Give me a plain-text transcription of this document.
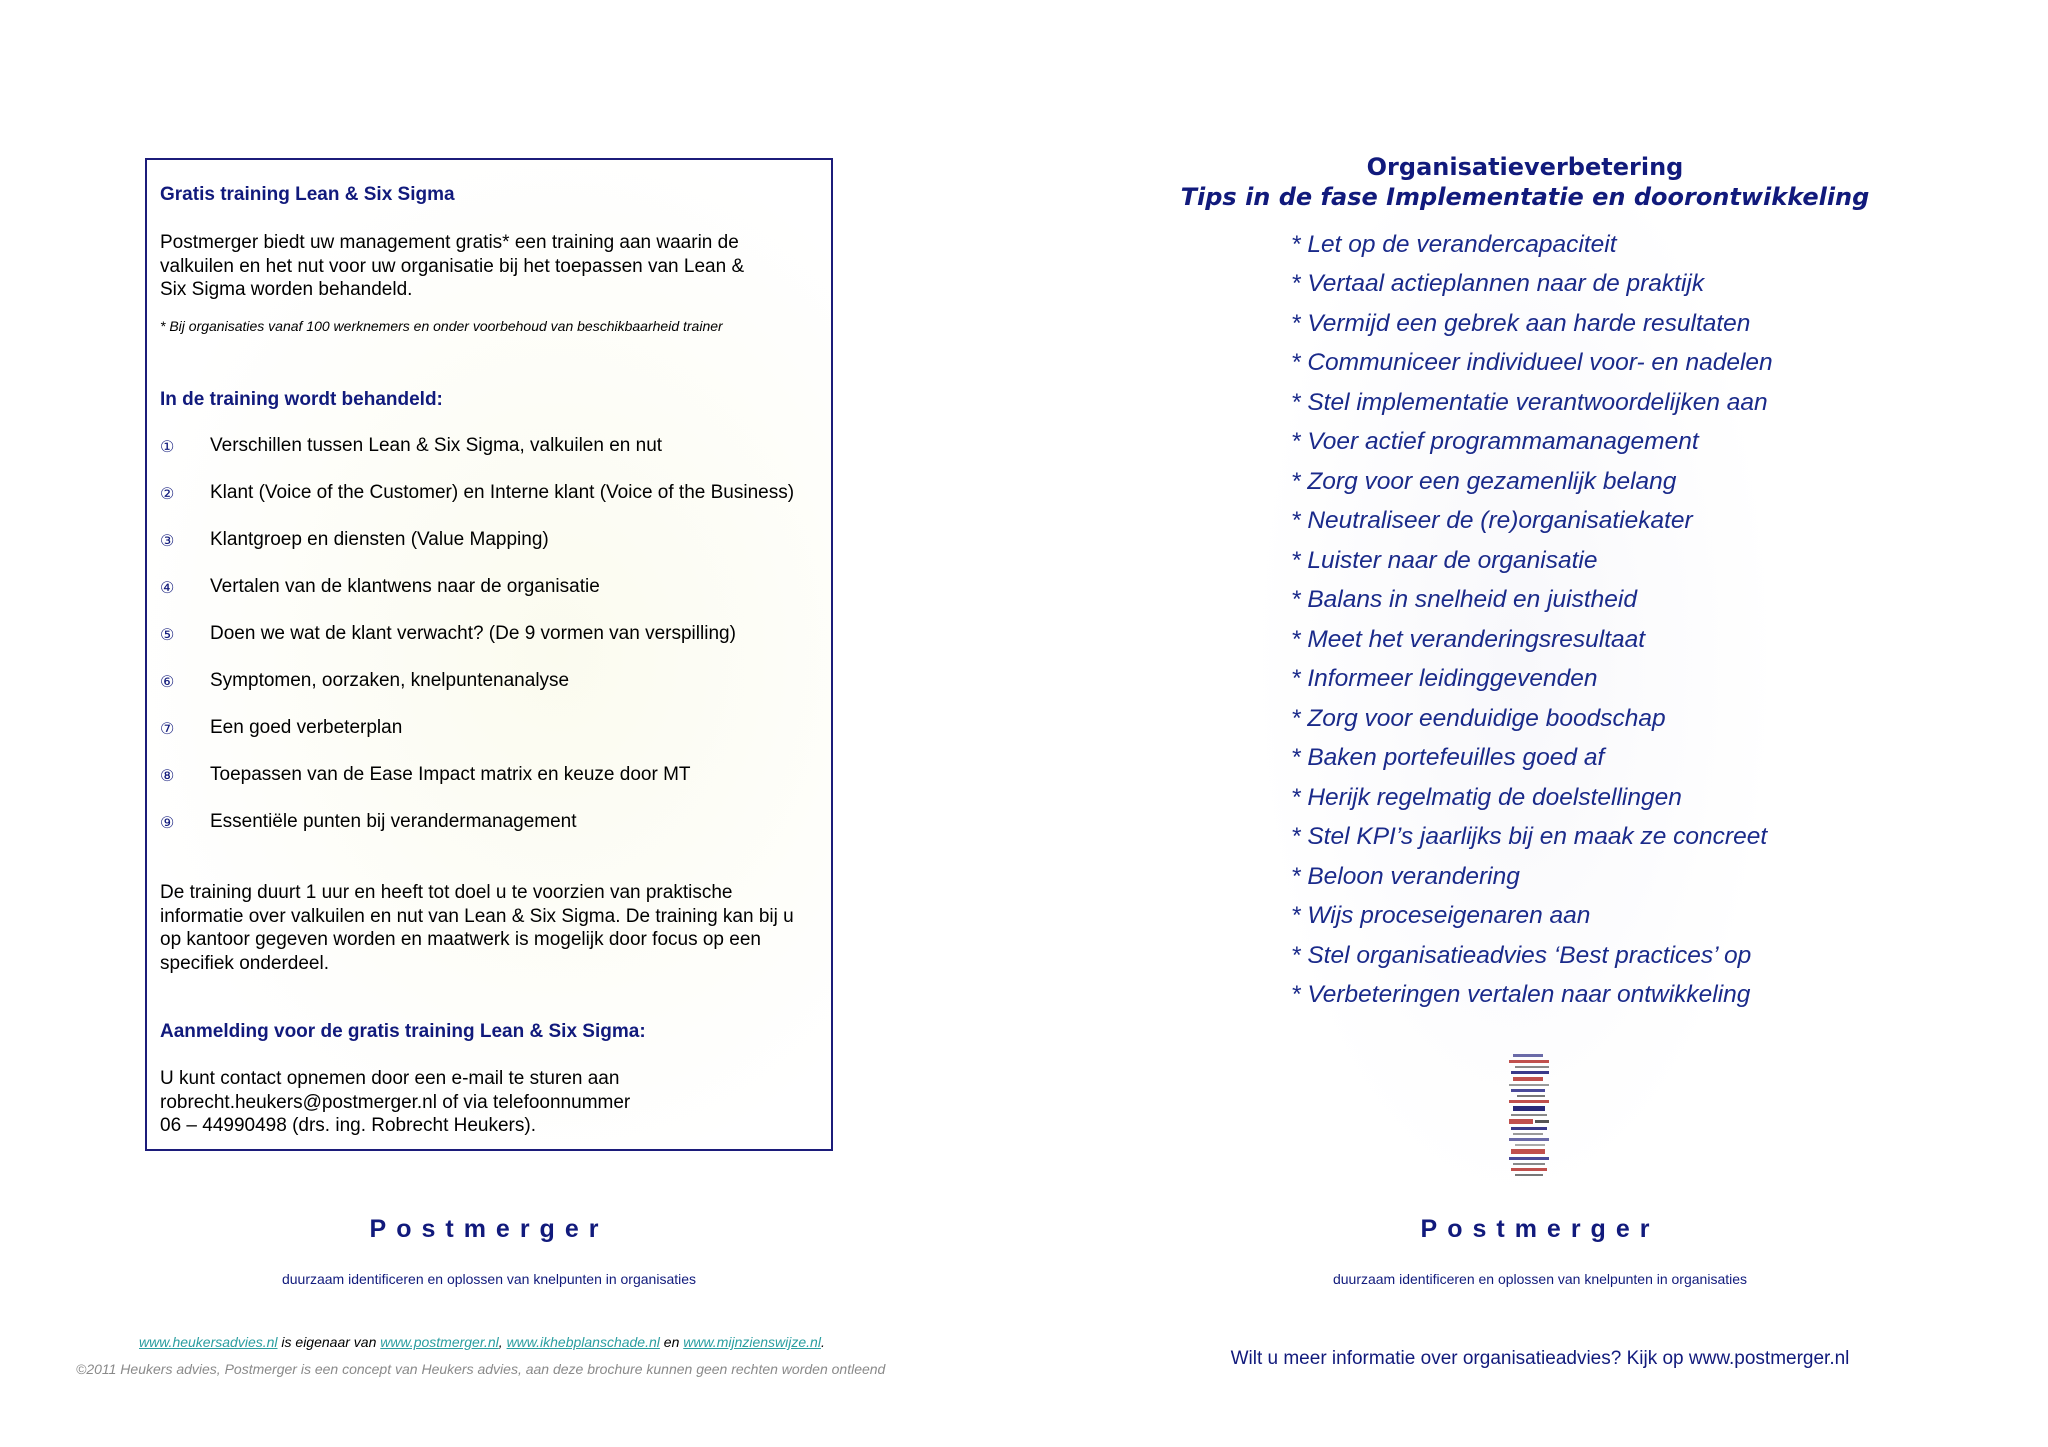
Gratis training Lean & Six Sigma
Postmerger biedt uw management gratis* een training aan waarin de
valkuilen en het nut voor uw organisatie bij het toepassen van Lean &
Six Sigma worden behandeld.
* Bij organisaties vanaf 100 werknemers en onder voorbehoud van beschikbaarheid trainer
In de training wordt behandeld:
① Verschillen tussen Lean & Six Sigma, valkuilen en nut
② Klant (Voice of the Customer) en Interne klant (Voice of the Business)
③ Klantgroep en diensten (Value Mapping)
④ Vertalen van de klantwens naar de organisatie
⑤ Doen we wat de klant verwacht? (De 9 vormen van verspilling)
⑥ Symptomen, oorzaken, knelpuntenanalyse
⑦ Een goed verbeterplan
⑧ Toepassen van de Ease Impact matrix en keuze door MT
⑨ Essentiële punten bij verandermanagement
De training duurt 1 uur en heeft tot doel u te voorzien van praktische
informatie over valkuilen en nut van Lean & Six Sigma. De training kan bij u
op kantoor gegeven worden en maatwerk is mogelijk door focus op een
specifiek onderdeel.
Aanmelding voor de gratis training Lean & Six Sigma:
U kunt contact opnemen door een e-mail te sturen aan
robrecht.heukers@postmerger.nl of via telefoonnummer
06 – 44990498 (drs. ing. Robrecht Heukers).
Postmerger
duurzaam identificeren en oplossen van knelpunten in organisaties
www.heukersadvies.nl is eigenaar van www.postmerger.nl, www.ikhebplanschade.nl en www.mijnzienswijze.nl.
©2011 Heukers advies, Postmerger is een concept van Heukers advies, aan deze brochure kunnen geen rechten worden ontleend
Organisatieverbetering
Tips in de fase Implementatie en doorontwikkeling
* Let op de verandercapaciteit
* Vertaal actieplannen naar de praktijk
* Vermijd een gebrek aan harde resultaten
* Communiceer individueel voor- en nadelen
* Stel implementatie verantwoordelijken aan
* Voer actief programmamanagement
* Zorg voor een gezamenlijk belang
* Neutraliseer de (re)organisatiekater
* Luister naar de organisatie
* Balans in snelheid en juistheid
* Meet het veranderingsresultaat
* Informeer leidinggevenden
* Zorg voor eenduidige boodschap
* Baken portefeuilles goed af
* Herijk regelmatig de doelstellingen
* Stel KPI’s jaarlijks bij en maak ze concreet
* Beloon verandering
* Wijs proceseigenaren aan
* Stel organisatieadvies ‘Best practices’ op
* Verbeteringen vertalen naar ontwikkeling
Postmerger
duurzaam identificeren en oplossen van knelpunten in organisaties
Wilt u meer informatie over organisatieadvies? Kijk op www.postmerger.nl
